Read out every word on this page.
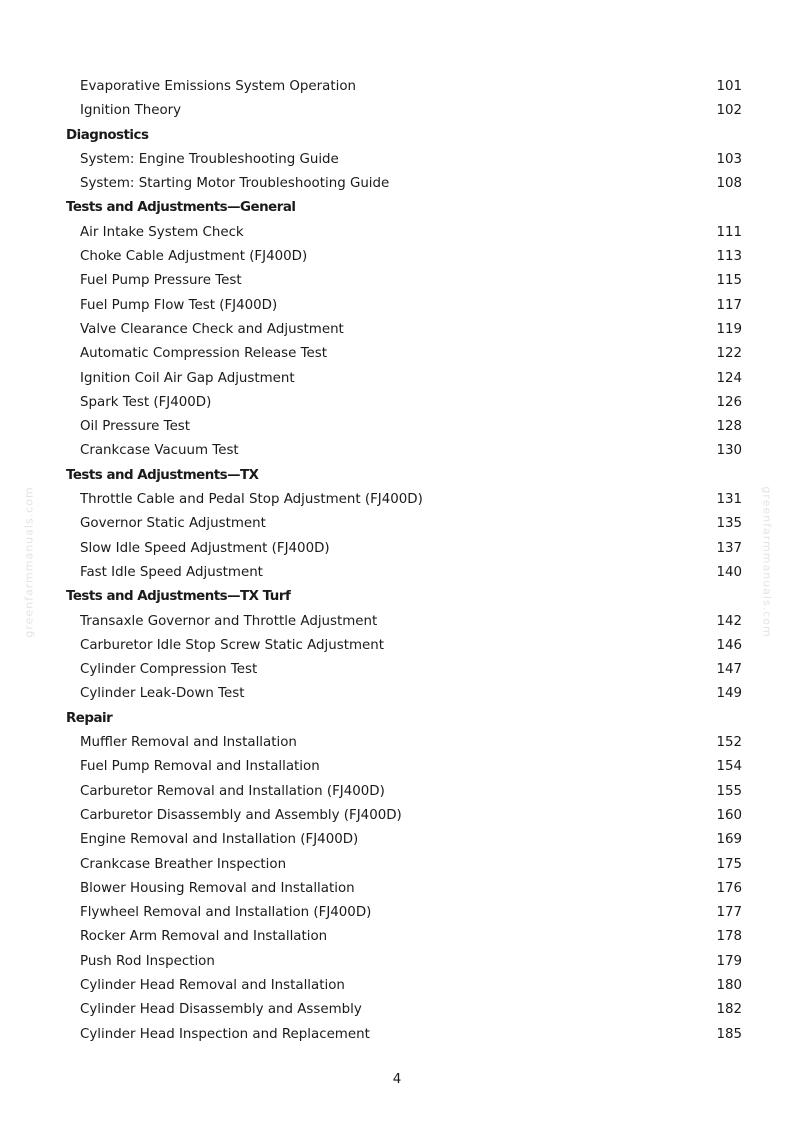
Evaporative Emissions System Operation	101
Ignition Theory	102
Diagnostics
System: Engine Troubleshooting Guide	103
System: Starting Motor Troubleshooting Guide	108
Tests and Adjustments—General
Air Intake System Check	111
Choke Cable Adjustment (FJ400D)	113
Fuel Pump Pressure Test	115
Fuel Pump Flow Test (FJ400D)	117
Valve Clearance Check and Adjustment	119
Automatic Compression Release Test	122
Ignition Coil Air Gap Adjustment	124
Spark Test (FJ400D)	126
Oil Pressure Test	128
Crankcase Vacuum Test	130
Tests and Adjustments—TX
Throttle Cable and Pedal Stop Adjustment (FJ400D)	131
Governor Static Adjustment	135
Slow Idle Speed Adjustment (FJ400D)	137
Fast Idle Speed Adjustment	140
Tests and Adjustments—TX Turf
Transaxle Governor and Throttle Adjustment	142
Carburetor Idle Stop Screw Static Adjustment	146
Cylinder Compression Test	147
Cylinder Leak-Down Test	149
Repair
Muffler Removal and Installation	152
Fuel Pump Removal and Installation	154
Carburetor Removal and Installation (FJ400D)	155
Carburetor Disassembly and Assembly (FJ400D)	160
Engine Removal and Installation (FJ400D)	169
Crankcase Breather Inspection	175
Blower Housing Removal and Installation	176
Flywheel Removal and Installation (FJ400D)	177
Rocker Arm Removal and Installation	178
Push Rod Inspection	179
Cylinder Head Removal and Installation	180
Cylinder Head Disassembly and Assembly	182
Cylinder Head Inspection and Replacement	185
4
greenfarmmanuals.com	greenfarmmanuals.com
